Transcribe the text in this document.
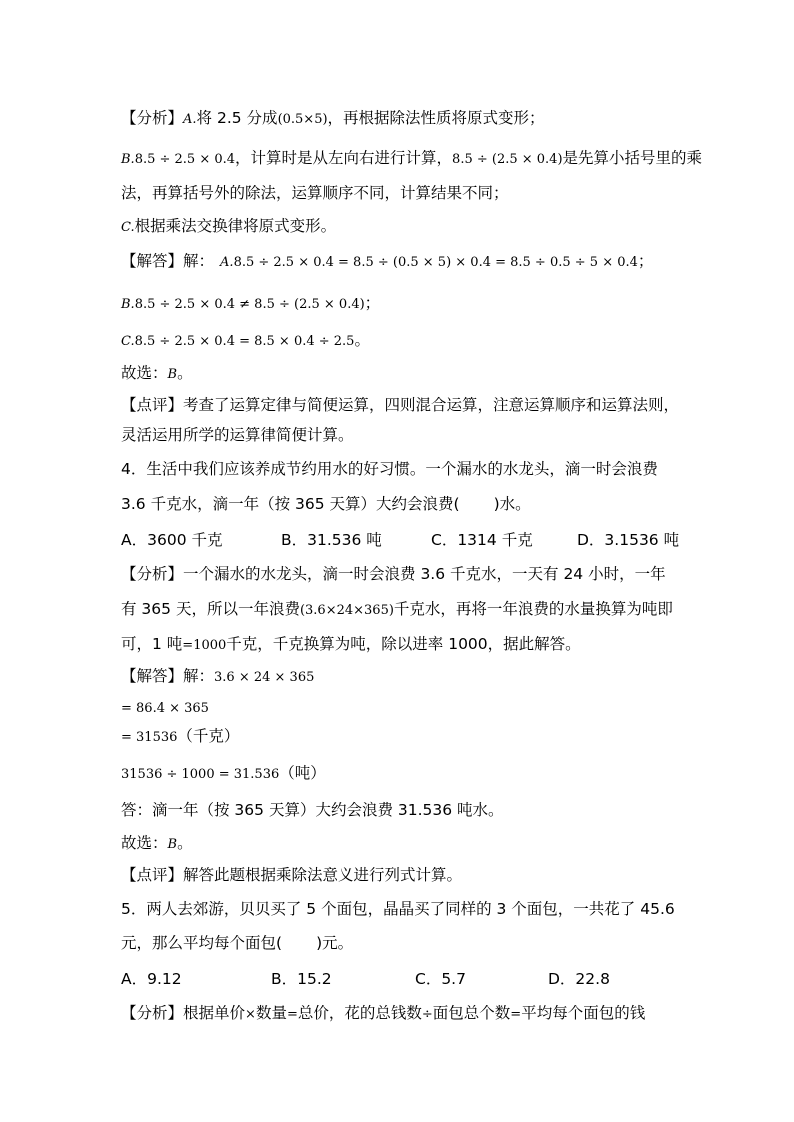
【分析】A.将 2.5 分成(0.5×5)，再根据除法性质将原式变形；
B.8.5 ÷ 2.5 × 0.4，计算时是从左向右进行计算，8.5 ÷ (2.5 × 0.4)是先算小括号里的乘
法，再算括号外的除法，运算顺序不同，计算结果不同；
C.根据乘法交换律将原式变形。
【解答】解： A.8.5 ÷ 2.5 × 0.4 = 8.5 ÷ (0.5 × 5) × 0.4 = 8.5 ÷ 0.5 ÷ 5 × 0.4；
B.8.5 ÷ 2.5 × 0.4 ≠ 8.5 ÷ (2.5 × 0.4)；
C.8.5 ÷ 2.5 × 0.4 = 8.5 × 0.4 ÷ 2.5。
故选：B。
【点评】考查了运算定律与简便运算，四则混合运算，注意运算顺序和运算法则，
灵活运用所学的运算律简便计算。
4．生活中我们应该养成节约用水的好习惯。一个漏水的水龙头，滴一时会浪费
3.6 千克水，滴一年（按 365 天算）大约会浪费( )水。
A．3600 千克	B．31.536 吨	C．1314 千克	D．3.1536 吨
【分析】一个漏水的水龙头，滴一时会浪费 3.6 千克水，一天有 24 小时，一年
有 365 天，所以一年浪费(3.6×24×365)千克水，再将一年浪费的水量换算为吨即
可，1 吨=1000千克，千克换算为吨，除以进率 1000，据此解答。
【解答】解：3.6 × 24 × 365
= 86.4 × 365
= 31536（千克）
31536 ÷ 1000 = 31.536（吨）
答：滴一年（按 365 天算）大约会浪费 31.536 吨水。
故选：B。
【点评】解答此题根据乘除法意义进行列式计算。
5．两人去郊游，贝贝买了 5 个面包，晶晶买了同样的 3 个面包，一共花了 45.6
元，那么平均每个面包( )元。
A．9.12	B．15.2	C．5.7	D．22.8
【分析】根据单价×数量=总价，花的总钱数÷面包总个数=平均每个面包的钱
